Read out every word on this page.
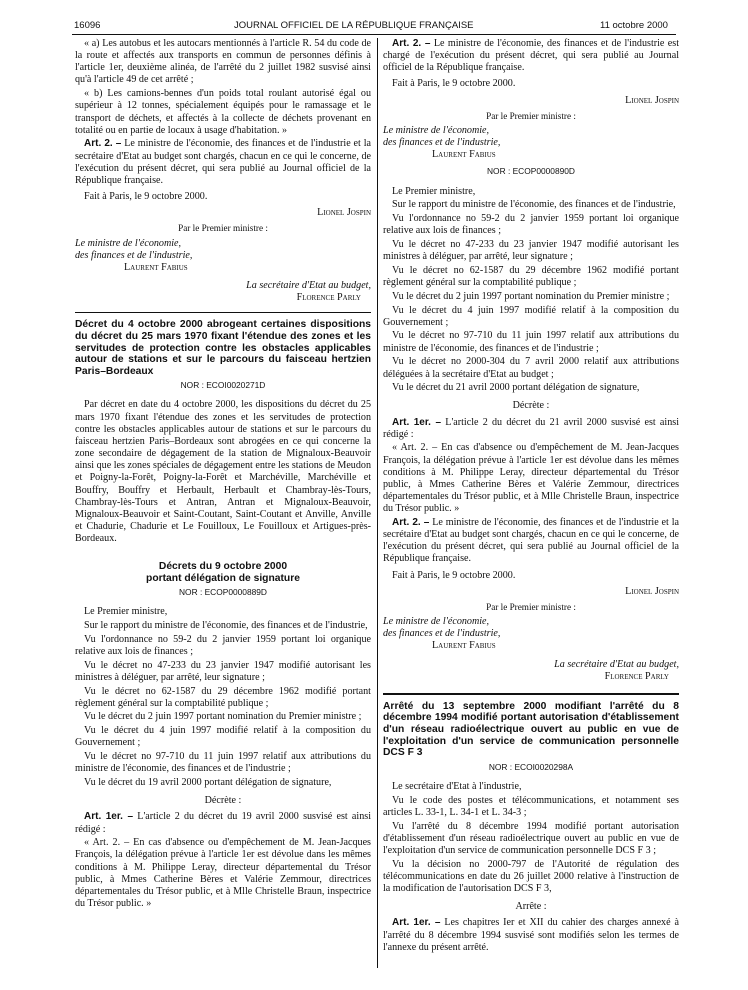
16096	JOURNAL OFFICIEL DE LA RÉPUBLIQUE FRANÇAISE	11 octobre 2000

« a) Les autobus et les autocars mentionnés à l'article R. 54 du code de la route et affectés aux transports en commun de personnes définis à l'article 1er, deuxième alinéa, de l'arrêté du 2 juillet 1982 susvisé ainsi qu'à l'article 49 de cet arrêté ;

« b) Les camions-bennes d'un poids total roulant autorisé égal ou supérieur à 12 tonnes, spécialement équipés pour le ramassage et le transport de déchets, et affectés à la collecte de déchets provenant en totalité ou en partie de locaux à usage d'habitation. »

Art. 2. – Le ministre de l'économie, des finances et de l'industrie et la secrétaire d'Etat au budget sont chargés, chacun en ce qui le concerne, de l'exécution du présent décret, qui sera publié au Journal officiel de la République française.

Fait à Paris, le 9 octobre 2000.

Lionel Jospin
Par le Premier ministre :

Le ministre de l'économie,

des finances et de l'industrie,

Laurent Fabius

La secrétaire d'Etat au budget,

Florence Parly

Décret du 4 octobre 2000 abrogeant certaines dispositions du décret du 25 mars 1970 fixant l'étendue des zones et les servitudes de protection contre les obstacles applicables autour de stations et sur le parcours du faisceau hertzien Paris–Bordeaux
NOR : ECOI0020271D

Par décret en date du 4 octobre 2000, les dispositions du décret du 25 mars 1970 fixant l'étendue des zones et les servitudes de protection contre les obstacles applicables autour de stations et sur le parcours du faisceau hertzien Paris–Bordeaux sont abrogées en ce qui concerne la zone secondaire de dégagement de la station de Mignaloux-Beauvoir ainsi que les zones spéciales de dégagement entre les stations de Meudon et Poigny-la-Forêt, Poigny-la-Forêt et Marchéville, Marchéville et Bouffry, Bouffry et Herbault, Herbault et Chambray-lès-Tours, Chambray-lès-Tours et Antran, Antran et Mignaloux-Beauvoir, Mignaloux-Beauvoir et Saint-Coutant, Saint-Coutant et Anville, Anville et Chadurie, Chadurie et Le Fouilloux, Le Fouilloux et Artigues-près-Bordeaux.

Décrets du 9 octobre 2000
portant délégation de signature
NOR : ECOP0000889D

Le Premier ministre,

Sur le rapport du ministre de l'économie, des finances et de l'industrie,

Vu l'ordonnance no 59-2 du 2 janvier 1959 portant loi organique relative aux lois de finances ;

Vu le décret no 47-233 du 23 janvier 1947 modifié autorisant les ministres à déléguer, par arrêté, leur signature ;

Vu le décret no 62-1587 du 29 décembre 1962 modifié portant règlement général sur la comptabilité publique ;

Vu le décret du 2 juin 1997 portant nomination du Premier ministre ;

Vu le décret du 4 juin 1997 modifié relatif à la composition du Gouvernement ;

Vu le décret no 97-710 du 11 juin 1997 relatif aux attributions du ministre de l'économie, des finances et de l'industrie ;

Vu le décret du 19 avril 2000 portant délégation de signature,

Décrète :

Art. 1er. – L'article 2 du décret du 19 avril 2000 susvisé est ainsi rédigé :

« Art. 2. – En cas d'absence ou d'empêchement de M. Jean-Jacques François, la délégation prévue à l'article 1er est dévolue dans les mêmes conditions à M. Philippe Leray, directeur départemental du Trésor public, à Mmes Catherine Bères et Valérie Zemmour, directrices départementales du Trésor public, et à Mlle Christelle Braun, inspectrice du Trésor public. »

Art. 2. – Le ministre de l'économie, des finances et de l'industrie est chargé de l'exécution du présent décret, qui sera publié au Journal officiel de la République française.

Fait à Paris, le 9 octobre 2000.

Lionel Jospin
Par le Premier ministre :

Le ministre de l'économie,

des finances et de l'industrie,

Laurent Fabius

NOR : ECOP0000890D

Le Premier ministre,

Sur le rapport du ministre de l'économie, des finances et de l'industrie,

Vu l'ordonnance no 59-2 du 2 janvier 1959 portant loi organique relative aux lois de finances ;

Vu le décret no 47-233 du 23 janvier 1947 modifié autorisant les ministres à déléguer, par arrêté, leur signature ;

Vu le décret no 62-1587 du 29 décembre 1962 modifié portant règlement général sur la comptabilité publique ;

Vu le décret du 2 juin 1997 portant nomination du Premier ministre ;

Vu le décret du 4 juin 1997 modifié relatif à la composition du Gouvernement ;

Vu le décret no 97-710 du 11 juin 1997 relatif aux attributions du ministre de l'économie, des finances et de l'industrie ;

Vu le décret no 2000-304 du 7 avril 2000 relatif aux attributions déléguées à la secrétaire d'Etat au budget ;

Vu le décret du 21 avril 2000 portant délégation de signature,

Décrète :

Art. 1er. – L'article 2 du décret du 21 avril 2000 susvisé est ainsi rédigé :

« Art. 2. – En cas d'absence ou d'empêchement de M. Jean-Jacques François, la délégation prévue à l'article 1er est dévolue dans les mêmes conditions à M. Philippe Leray, directeur départemental du Trésor public, à Mmes Catherine Bères et Valérie Zemmour, directrices départementales du Trésor public, et à Mlle Christelle Braun, inspectrice du Trésor public. »

Art. 2. – Le ministre de l'économie, des finances et de l'industrie et la secrétaire d'Etat au budget sont chargés, chacun en ce qui le concerne, de l'exécution du présent décret, qui sera publié au Journal officiel de la République française.

Fait à Paris, le 9 octobre 2000.

Lionel Jospin
Par le Premier ministre :

Le ministre de l'économie,

des finances et de l'industrie,

Laurent Fabius

La secrétaire d'Etat au budget,

Florence Parly

Arrêté du 13 septembre 2000 modifiant l'arrêté du 8 décembre 1994 modifié portant autorisation d'établissement d'un réseau radioélectrique ouvert au public en vue de l'exploitation d'un service de communication personnelle DCS F 3
NOR : ECOI0020298A

Le secrétaire d'Etat à l'industrie,

Vu le code des postes et télécommunications, et notamment ses articles L. 33-1, L. 34-1 et L. 34-3 ;

Vu l'arrêté du 8 décembre 1994 modifié portant autorisation d'établissement d'un réseau radioélectrique ouvert au public en vue de l'exploitation d'un service de communication personnelle DCS F 3 ;

Vu la décision no 2000-797 de l'Autorité de régulation des télécommunications en date du 26 juillet 2000 relative à l'instruction de la modification de l'autorisation DCS F 3,

Arrête :

Art. 1er. – Les chapitres Ier et XII du cahier des charges annexé à l'arrêté du 8 décembre 1994 susvisé sont modifiés selon les termes de l'annexe du présent arrêté.
